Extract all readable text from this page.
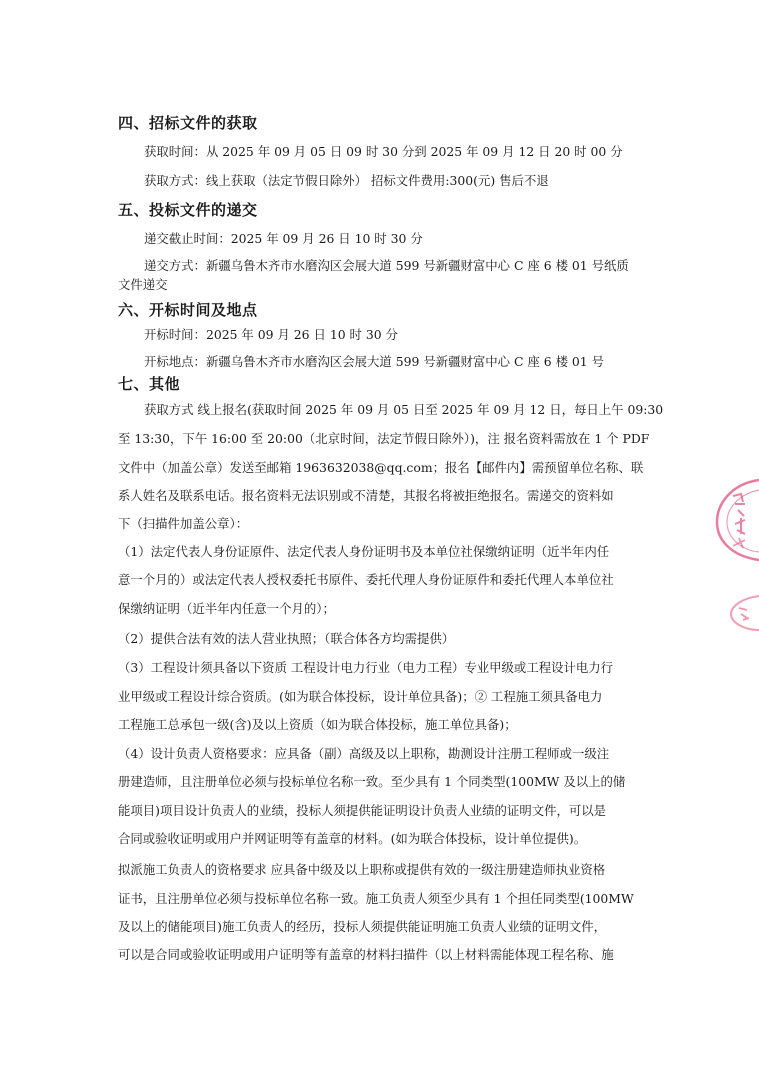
四、招标文件的获取
获取时间：从 2025 年 09 月 05 日 09 时 30 分到 2025 年 09 月 12 日 20 时 00 分
获取方式：线上获取（法定节假日除外） 招标文件费用:300(元) 售后不退
五、投标文件的递交
递交截止时间：2025 年 09 月 26 日 10 时 30 分
递交方式：新疆乌鲁木齐市水磨沟区会展大道 599 号新疆财富中心 C 座 6 楼 01 号纸质
文件递交
六、开标时间及地点
开标时间：2025 年 09 月 26 日 10 时 30 分
开标地点：新疆乌鲁木齐市水磨沟区会展大道 599 号新疆财富中心 C 座 6 楼 01 号
七、其他
获取方式 线上报名(获取时间 2025 年 09 月 05 日至 2025 年 09 月 12 日，每日上午 09:30
至 13:30，下午 16:00 至 20:00（北京时间，法定节假日除外）)，注 报名资料需放在 1 个 PDF
文件中（加盖公章）发送至邮箱 1963632038@qq.com；报名【邮件内】需预留单位名称、联
系人姓名及联系电话。报名资料无法识别或不清楚，其报名将被拒绝报名。需递交的资料如
下（扫描件加盖公章）：
（1）法定代表人身份证原件、法定代表人身份证明书及本单位社保缴纳证明（近半年内任
意一个月的）或法定代表人授权委托书原件、委托代理人身份证原件和委托代理人本单位社
保缴纳证明（近半年内任意一个月的）；
（2）提供合法有效的法人营业执照；（联合体各方均需提供）
（3）工程设计须具备以下资质 工程设计电力行业（电力工程）专业甲级或工程设计电力行
业甲级或工程设计综合资质。(如为联合体投标，设计单位具备)；② 工程施工须具备电力
工程施工总承包一级(含)及以上资质（如为联合体投标，施工单位具备)；
（4）设计负责人资格要求：应具备（副）高级及以上职称，勘测设计注册工程师或一级注
册建造师，且注册单位必须与投标单位名称一致。至少具有 1 个同类型(100MW 及以上的储
能项目)项目设计负责人的业绩，投标人须提供能证明设计负责人业绩的证明文件，可以是
合同或验收证明或用户并网证明等有盖章的材料。(如为联合体投标，设计单位提供)。
拟派施工负责人的资格要求 应具备中级及以上职称或提供有效的一级注册建造师执业资格
证书，且注册单位必须与投标单位名称一致。施工负责人须至少具有 1 个担任同类型(100MW
及以上的储能项目)施工负责人的经历，投标人须提供能证明施工负责人业绩的证明文件，
可以是合同或验收证明或用户证明等有盖章的材料扫描件（以上材料需能体现工程名称、施
